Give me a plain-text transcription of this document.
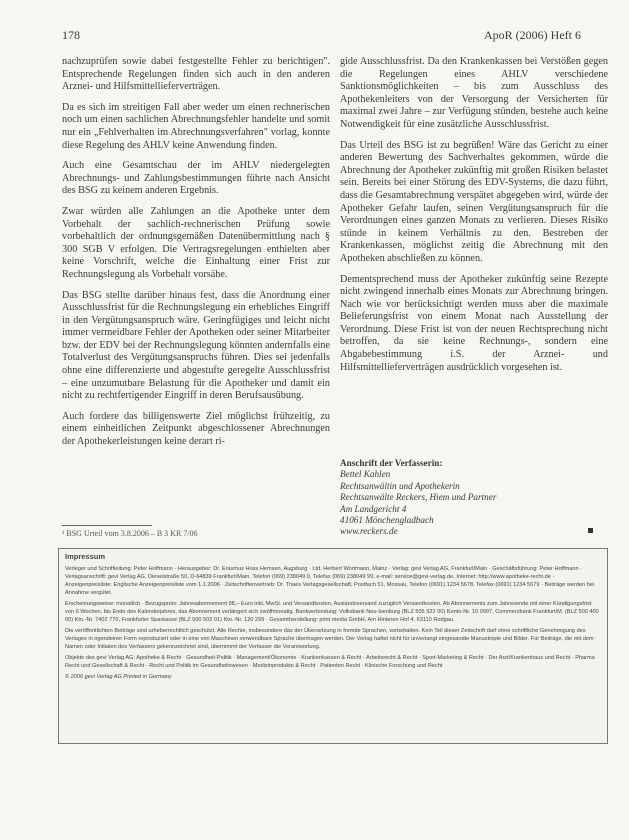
178	ApoR (2006) Heft 6

nachzuprüfen sowie dabei festgestellte Fehler zu berichtigen". Entsprechende Regelungen finden sich auch in den anderen Arznei- und Hilfsmittellieferverträgen.

Da es sich im streitigen Fall aber weder um einen rechnerischen noch um einen sachlichen Abrechnungsfehler handelte und somit nur ein „Fehlverhalten im Abrechnungsverfahren" vorlag, konnte diese Regelung des AHLV keine Anwendung finden.

Auch eine Gesamtschau der im AHLV niedergelegten Abrechnungs- und Zahlungsbestimmungen führte nach Ansicht des BSG zu keinem anderen Ergebnis.

Zwar würden alle Zahlungen an die Apotheke unter dem Vorbehalt der sachlich-rechnerischen Prüfung sowie vorbehaltlich der ordnungsgemäßen Datenübermittlung nach § 300 SGB V erfolgen. Die Vertragsregelungen enthielten aber keine Vorschrift, welche die Einhaltung einer Frist zur Rechnungslegung als Vorbehalt vorsähe.

Das BSG stellte darüber hinaus fest, dass die Anordnung einer Ausschlussfrist für die Rechnungslegung ein erhebliches Eingriff in den Vergütungsanspruch wäre. Geringfügiges und leicht nicht immer vermeidbare Fehler der Apotheken oder seiner Mitarbeiter bzw. der EDV bei der Rechnungslegung könnten andernfalls eine Totalverlust des Vergütungsanspruchs führen. Dies sei jedenfalls ohne eine differenzierte und abgestufte geregelte Ausschlussfrist – eine unzumutbare Belastung für die Apotheker und damit ein nicht zu rechtfertigender Eingriff in deren Berufsausübung.

Auch fordere das billigenswerte Ziel möglichst frühzeitig, zu einem einheitlichen Zeitpunkt abgeschlossener Abrechnungen der Apothekerleistungen keine derart ri-

gide Ausschlussfrist. Da den Krankenkassen bei Verstößen gegen die Regelungen eines AHLV verschiedene Sanktionsmöglichkeiten – bis zum Ausschluss des Apothekenleiters von der Versorgung der Versicherten für maximal zwei Jahre – zur Verfügung stünden, bestehe auch keine Notwendigkeit für eine zusätzliche Ausschlussfrist.

Das Urteil des BSG ist zu begrüßen! Wäre das Gericht zu einer anderen Bewertung des Sachverhaltes gekommen, würde die Abrechnung der Apotheker zukünftig mit großen Risiken belastet sein. Bereits bei einer Störung des EDV-Systems, die dazu führt, dass die Gesamtabrechnung verspätet abgegeben wird, würde der Apotheker Gefahr laufen, seinen Vergütungsanspruch für die Verordnungen eines ganzen Monats zu verlieren. Dieses Risiko stünde in keinem Verhältnis zu den. Bestreben der Krankenkassen, möglichst zeitig die Abrechnung mit den Apotheken abschließen zu können.

Dementsprechend muss der Apotheker zukünftig seine Rezepte nicht zwingend innerhalb eines Monats zur Abrechnung bringen. Nach wie vor berücksichtigt werden muss aber die maximale Belieferungsfrist von einem Monat nach Ausstellung der Verordnung. Diese Frist ist von der neuen Rechtsprechung nicht betroffen, da sie keine Rechnungs-, sondern eine Abgabebestimmung i.S. der Arznei- und Hilfsmittellieferverträgen ausdrücklich vorgesehen ist.

Anschrift der Verfasserin:
Bettel Kahlen
Rechtsanwältin und Apothekerin
Rechtsanwälte Reckers, Hiem und Partner
Am Landgericht 4
41061 Mönchengladbach
www.reckers.de
¹ BSG Urteil vom 3.8.2006 – B 3 KR 7/06
Impressum

Verleger und Schriftleitung: Peter Hoffmann · Herausgeber: Dr. Erasmus Hoss Hemsen, Augsburg · Ltd. Herbert Wortmann, Mainz · Verlag: gevi Verlag AG, Frankfurt/Main · Geschäftsführung: Peter Hoffmann · Verlagsanschrift: gevi Verlag AG, Dieselstraße 50, D-64839 Frankfurt/Main, Telefon (069) 238049 0, Telefax (069) 238049 99, e-mail: service@gevi-verlag.de, Internet: http://www.apotheke-recht.de · Anzeigenpreisliste: Englische Anzeigenpreisliste vom 1.1.2006 · Zeitschriftenvertrieb: Dr. Thaes Verlagsgesellschaft, Postfach 51, Mossau, Telefon (0691) 1234 5678, Telefax (0691) 1234 5679 · Beiträge werden bei Annahme vergütet.

Erscheinungsweise: monatlich · Bezugspreis: Jahresabonnement 98,– Euro inkl. MwSt. und Versandkosten, Auslandsversand zuzüglich Versandkosten. Ab Abonnements zum Jahresende mit einer Kündigungsfrist von 6 Wochen, bis Ende des Kalenderjahres, das Abonnement verlängert sich zwölfmonatig. Bankverbindung: Volksbank Neu-Isenburg (BLZ 505 922 00) Konto-Nr. 10 0997, Commerzbank Frankfurt/M. (BLZ 500 400 00) Kto.-Nr. 7402 770, Frankfurter Sparkasse (BLZ 500 502 01) Kto.-Nr. 120 299 · Gesamtherstellung: print media GmbH, Am Hinteren Hof 4, 63110 Rodgau.

Die veröffentlichten Beiträge sind urheberrechtlich geschützt. Alle Rechte, insbesondere das der Übersetzung in fremde Sprachen, vorbehalten. Kein Teil dieser Zeitschrift darf ohne schriftliche Genehmigung des Verlages in irgendeiner Form reproduziert oder in eine von Maschinen verwendbare Sprache übertragen werden. Der Verlag haftet nicht für unverlangt eingesandte Manuskripte und Bilder. Für Beiträge, die mit dem Namen oder Initialen des Verfassers gekennzeichnet sind, übernimmt der Verfasser die Verantwortung.

Objekte des gevi Verlag AG: Apotheke & Recht · Gesundheit-Politik · Management/Ökonomie · Krankenkassen & Recht · Arbeitsrecht & Recht · Sport-Marketing & Recht · Der Arzt/Krankenhaus und Recht · Pharma Recht und Gesellschaft & Recht · Recht und Politik im Gesundheitswesen · Medizinprodukte & Recht · Patienten Recht · Klinische Forschung und Recht

© 2006 gevi Verlag AG Printed in Germany
